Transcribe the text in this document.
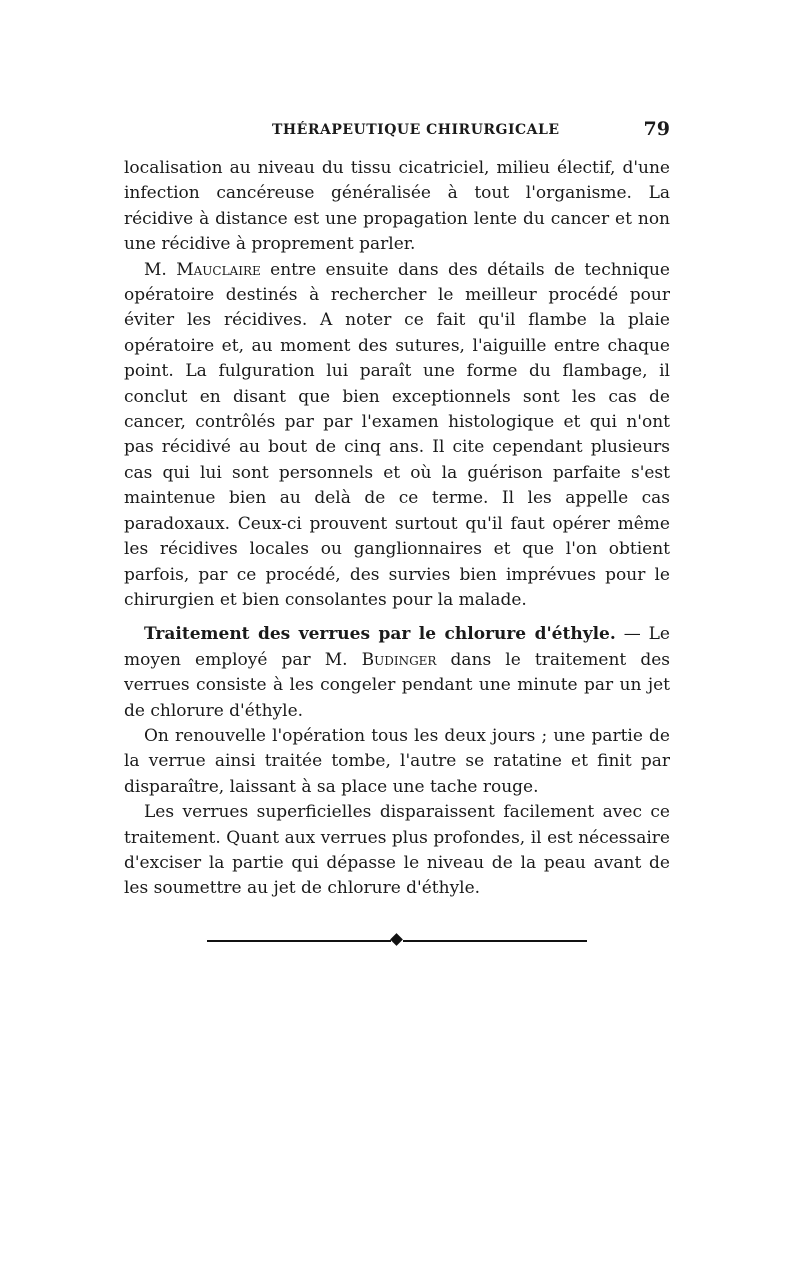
THÉRAPEUTIQUE CHIRURGICALE	79

localisation au niveau du tissu cicatriciel, milieu électif, d'une infection cancéreuse généralisée à tout l'organisme. La récidive à distance est une propagation lente du cancer et non une récidive à proprement parler.

M. Mauclaire entre ensuite dans des détails de technique opératoire destinés à rechercher le meilleur procédé pour éviter les récidives. A noter ce fait qu'il flambe la plaie opératoire et, au moment des sutures, l'aiguille entre chaque point. La fulguration lui paraît une forme du flambage, il conclut en disant que bien exceptionnels sont les cas de cancer, contrôlés par par l'examen histologique et qui n'ont pas récidivé au bout de cinq ans. Il cite cependant plusieurs cas qui lui sont personnels et où la guérison parfaite s'est maintenue bien au delà de ce terme. Il les appelle cas paradoxaux. Ceux-ci prouvent surtout qu'il faut opérer même les récidives locales ou ganglionnaires et que l'on obtient parfois, par ce procédé, des survies bien imprévues pour le chirurgien et bien consolantes pour la malade.

Traitement des verrues par le chlorure d'éthyle. — Le moyen employé par M. Budinger dans le traitement des verrues consiste à les congeler pendant une minute par un jet de chlorure d'éthyle.

On renouvelle l'opération tous les deux jours ; une partie de la verrue ainsi traitée tombe, l'autre se ratatine et finit par disparaître, laissant à sa place une tache rouge.

Les verrues superficielles disparaissent facilement avec ce traitement. Quant aux verrues plus profondes, il est nécessaire d'exciser la partie qui dépasse le niveau de la peau avant de les soumettre au jet de chlorure d'éthyle.
